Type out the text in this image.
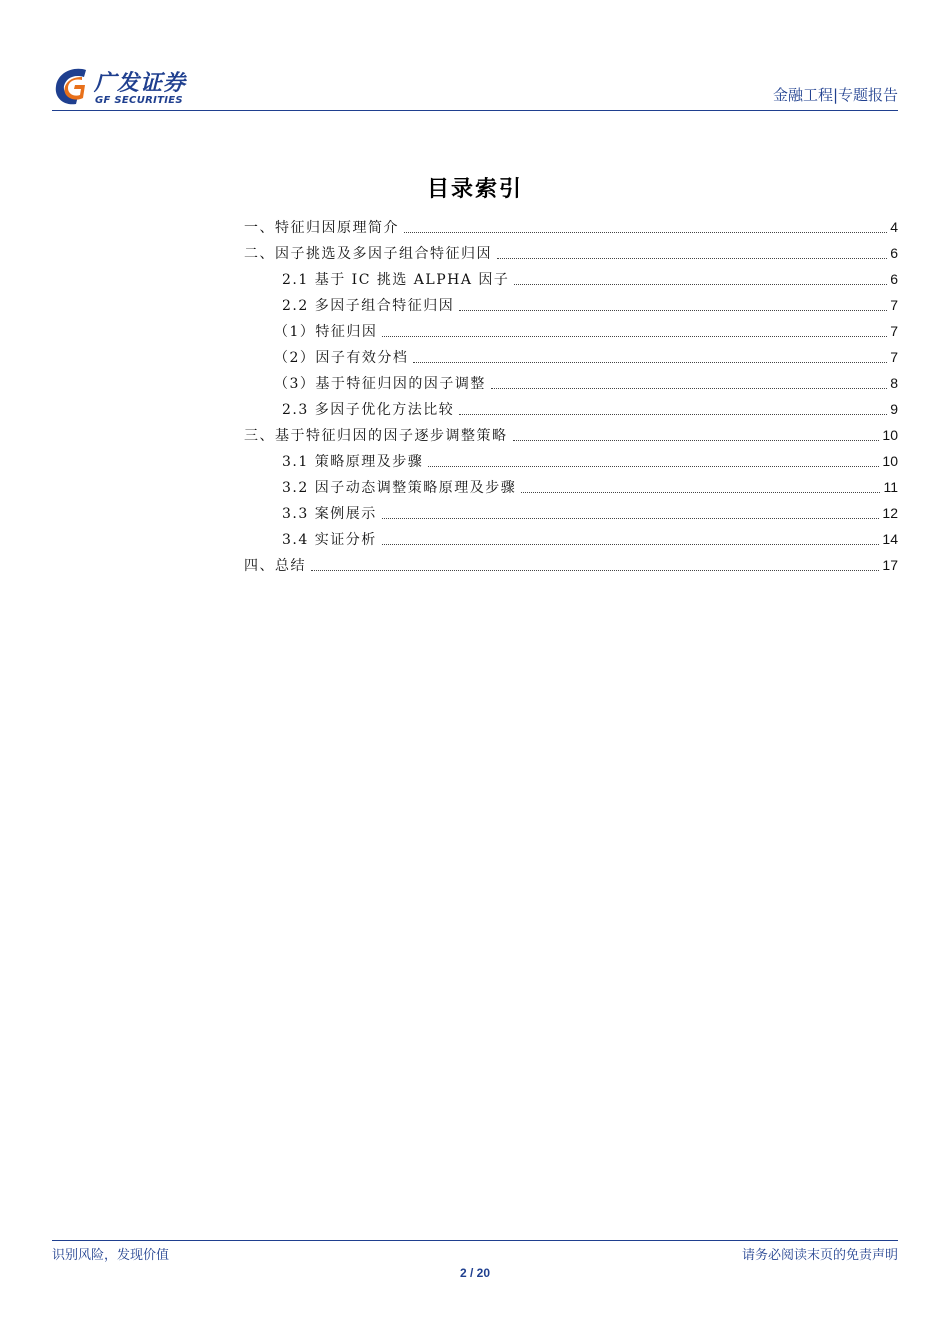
广发证券
GF SECURITIES	金融工程|专题报告
目录索引
一、特征归因原理简介	4
二、因子挑选及多因子组合特征归因	6
2.1 基于 IC 挑选 ALPHA 因子	6
2.2 多因子组合特征归因	7
（1）特征归因	7
（2）因子有效分档	7
（3）基于特征归因的因子调整	8
2.3 多因子优化方法比较	9
三、基于特征归因的因子逐步调整策略	10
3.1 策略原理及步骤	10
3.2 因子动态调整策略原理及步骤	11
3.3 案例展示	12
3.4 实证分析	14
四、总结	17
识别风险，发现价值	请务必阅读末页的免责声明
2 / 20
